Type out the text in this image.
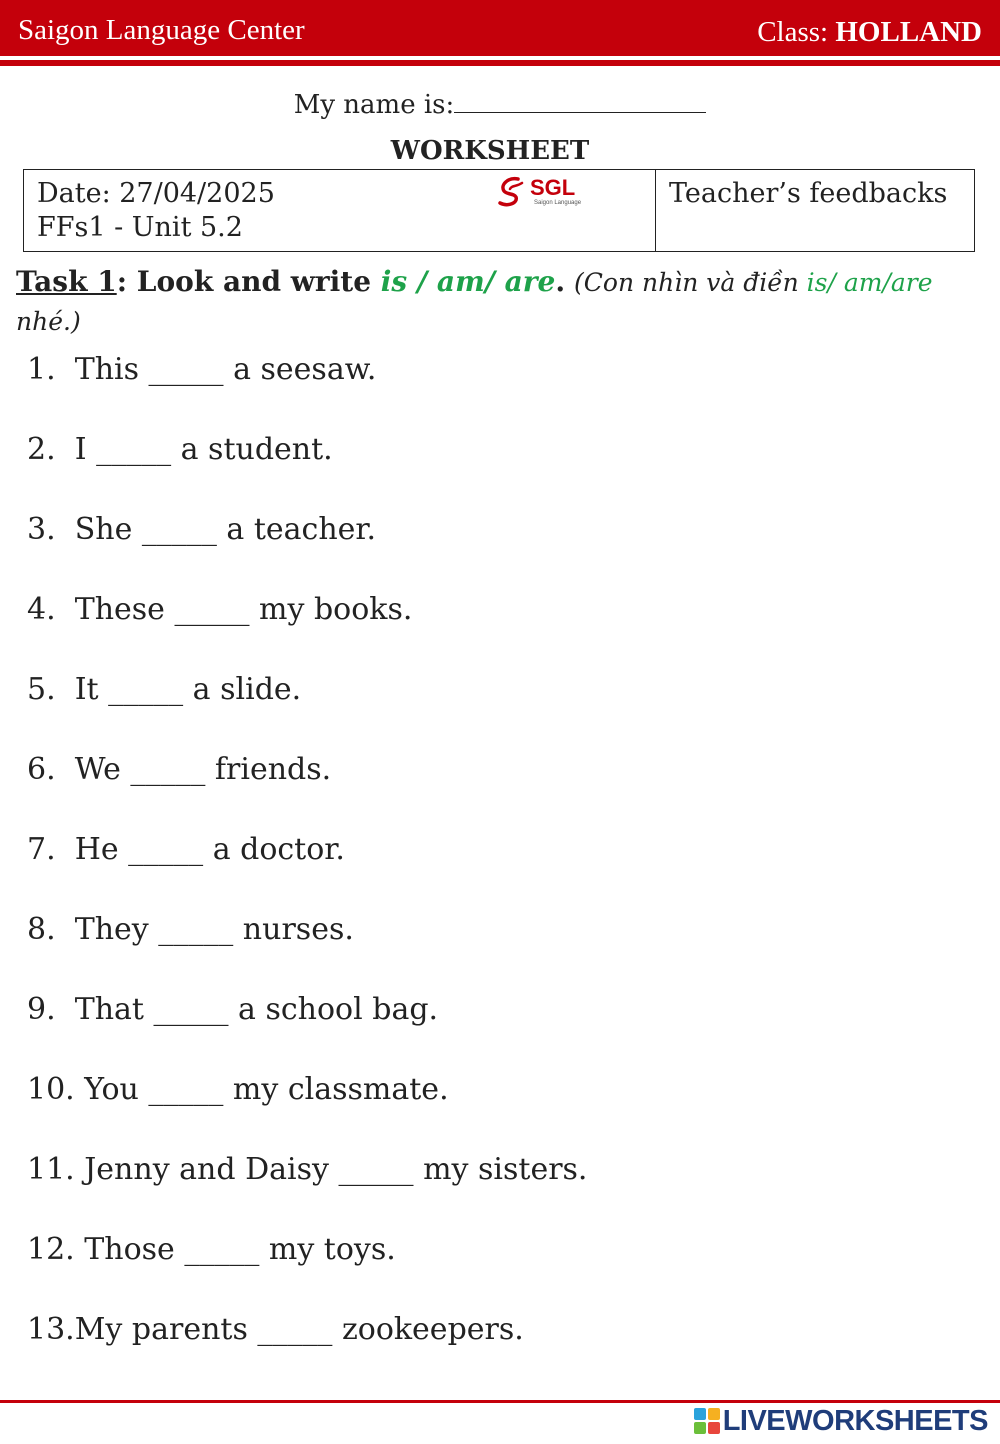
Saigon Language Center	Class: HOLLAND
My name is:
WORKSHEET
Date: 27/04/2025
FFs1 - Unit 5.2
SGL
Saigon Language	Teacher’s feedbacks
Task 1: Look and write is / am/ are. (Con nhìn và điền is/ am/are nhé.)
1. This _____ a seesaw.
2. I _____ a student.
3. She _____ a teacher.
4. These _____ my books.
5. It _____ a slide.
6. We _____ friends.
7. He _____ a doctor.
8. They _____ nurses.
9. That _____ a school bag.
10. You _____ my classmate.
11. Jenny and Daisy _____ my sisters.
12. Those _____ my toys.
13.My parents _____ zookeepers.
LIVEWORKSHEETS
